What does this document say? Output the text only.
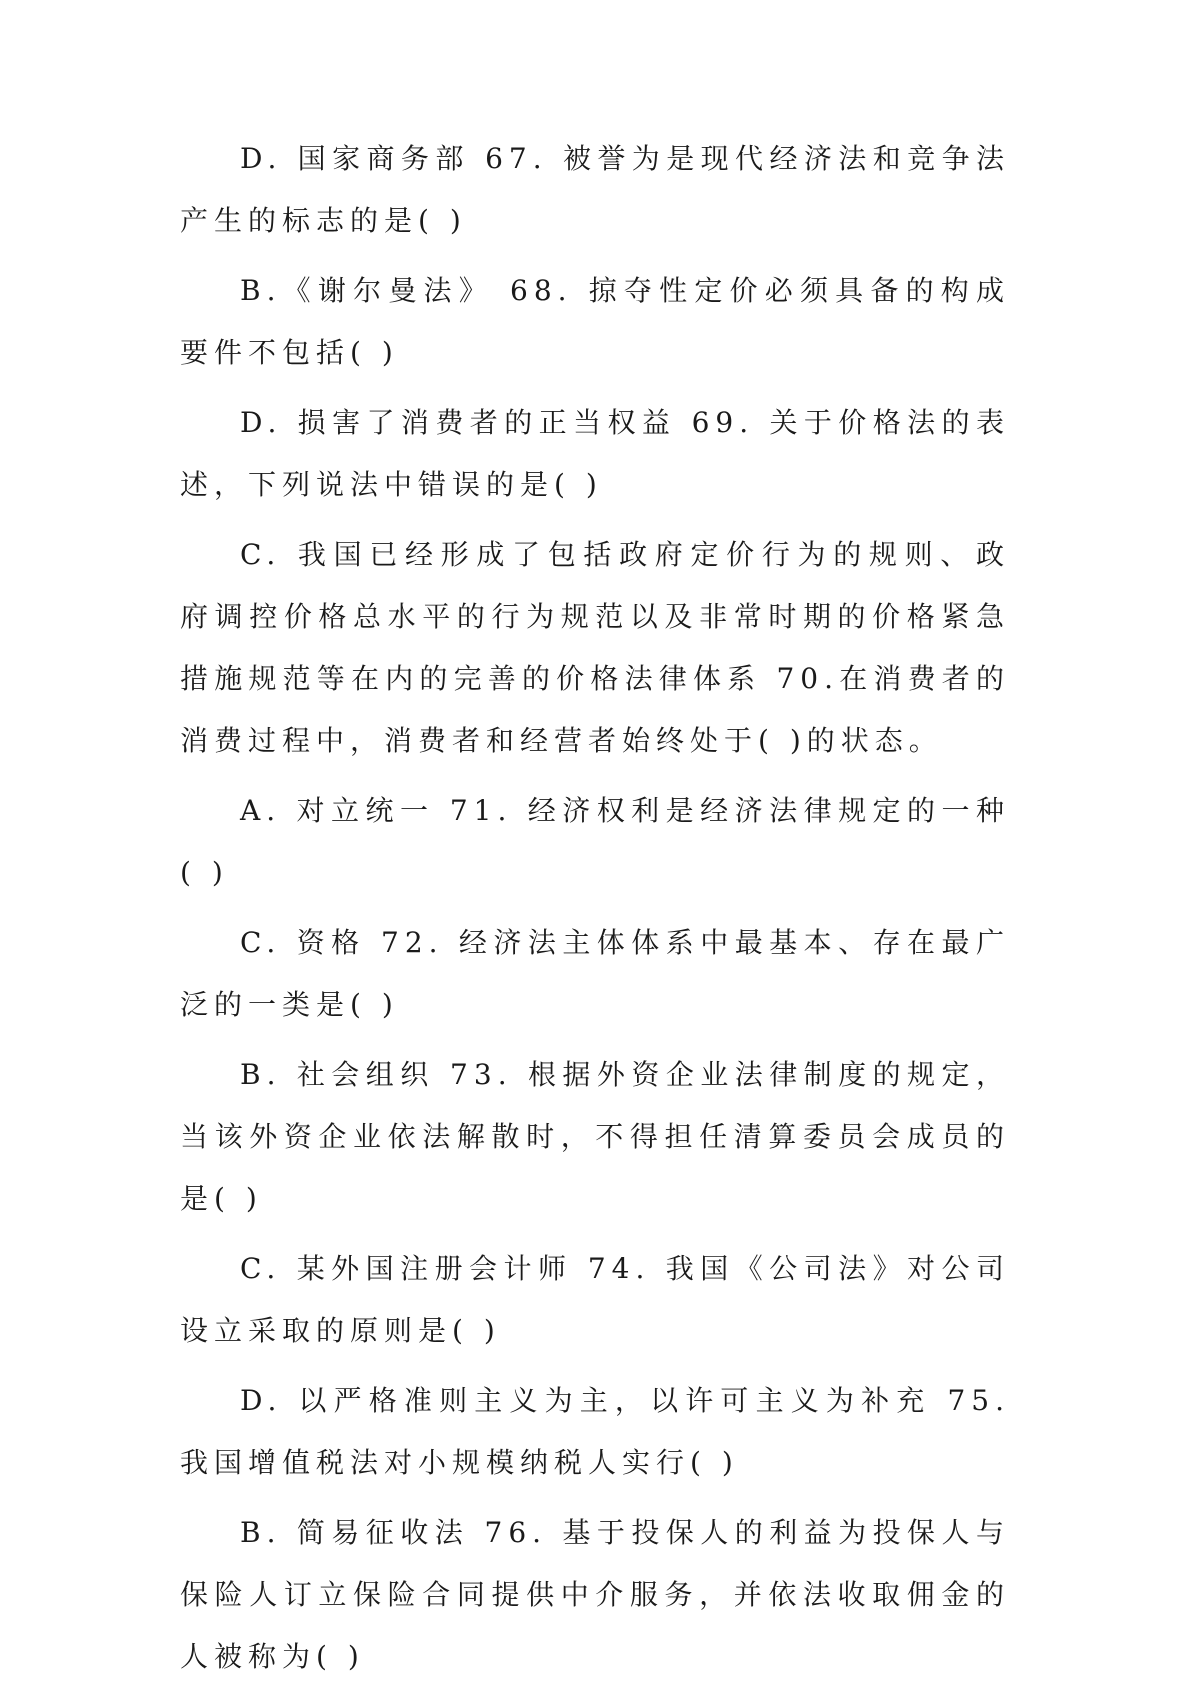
D. 国家商务部 67. 被誉为是现代经济法和竞争法产生的标志的是( )

B.《谢尔曼法》 68. 掠夺性定价必须具备的构成要件不包括( )

D. 损害了消费者的正当权益 69. 关于价格法的表述，下列说法中错误的是( )

C. 我国已经形成了包括政府定价行为的规则、政府调控价格总水平的行为规范以及非常时期的价格紧急措施规范等在内的完善的价格法律体系 70.在消费者的消费过程中，消费者和经营者始终处于( )的状态。

A. 对立统一 71. 经济权利是经济法律规定的一种( )

C. 资格 72. 经济法主体体系中最基本、存在最广泛的一类是( )

B. 社会组织 73. 根据外资企业法律制度的规定，当该外资企业依法解散时，不得担任清算委员会成员的是( )

C. 某外国注册会计师 74. 我国《公司法》对公司设立采取的原则是( )

D. 以严格准则主义为主，以许可主义为补充 75. 我国增值税法对小规模纳税人实行( )

B. 简易征收法 76. 基于投保人的利益为投保人与保险人订立保险合同提供中介服务，并依法收取佣金的人被称为( )
